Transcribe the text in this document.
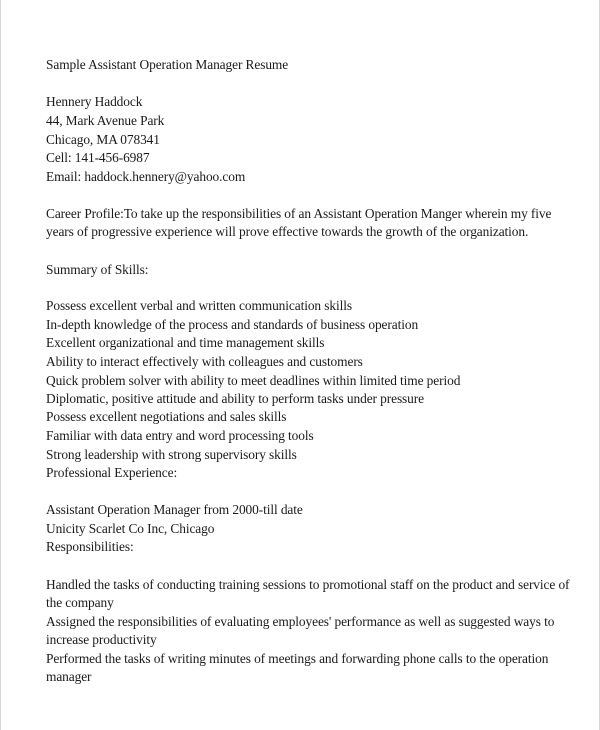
Sample Assistant Operation Manager Resume

Hennery Haddock

44, Mark Avenue Park

Chicago, MA 078341

Cell: 141-456-6987

Email: haddock.hennery@yahoo.com

Career Profile:To take up the responsibilities of an Assistant Operation Manger wherein my five

years of progressive experience will prove effective towards the growth of the organization.

Summary of Skills:

Possess excellent verbal and written communication skills

In-depth knowledge of the process and standards of business operation

Excellent organizational and time management skills

Ability to interact effectively with colleagues and customers

Quick problem solver with ability to meet deadlines within limited time period

Diplomatic, positive attitude and ability to perform tasks under pressure

Possess excellent negotiations and sales skills

Familiar with data entry and word processing tools

Strong leadership with strong supervisory skills

Professional Experience:

Assistant Operation Manager from 2000-till date

Unicity Scarlet Co Inc, Chicago

Responsibilities:

Handled the tasks of conducting training sessions to promotional staff on the product and service of

the company

Assigned the responsibilities of evaluating employees' performance as well as suggested ways to

increase productivity

Performed the tasks of writing minutes of meetings and forwarding phone calls to the operation

manager
